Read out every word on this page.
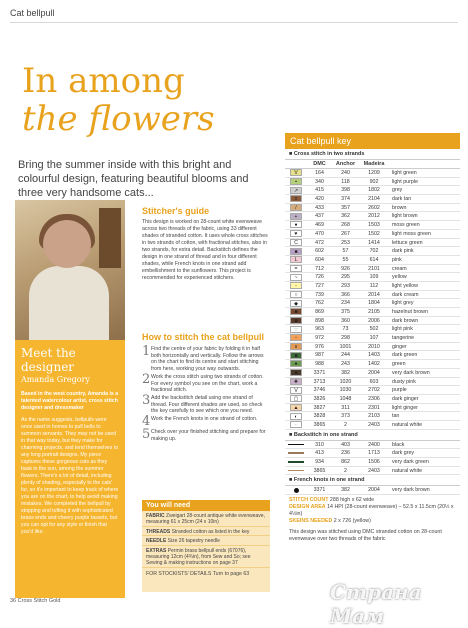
Cat bellpull
In among
the flowers
Bring the summer inside with this bright and colourful design, featuring beautiful blooms and three very handsome cats...
Meet the designer
Amanda Gregory
Based in the west country, Amanda is a talented watercolour artist, cross stitch designer and dressmaker
As the name suggests, bellpulls were once used in homes to pull bells to summon servants. They may not be used in that way today, but they make for charming projects, and lend themselves to any long portrait designs. My piece captures these gorgeous cats as they bask in the sun, among the summer flowers. There's a lot of detail, including plenty of shading, especially to the cats' fur, so it's important to keep track of where you are on the chart, to help avoid making mistakes. We completed the bellpull by stopping and tufting it with sophisticated brass ends and cheery purple tassels, but you can opt for any style or finish that you'd like.
Stitcher's guide
This design is worked on 28-count white evenweave across two threads of the fabric, using 33 different shades of stranded cotton. It uses whole cross stitches in two strands of cotton, with fractional stitches, also in two strands, for extra detail. Backstitch defines the design in one strand of thread and in four different shades, while French knots in one strand add embellishment to the sunflowers. This project is recommended for experienced stitchers.
How to stitch the cat bellpull
1 Find the centre of your fabric by folding it in half both horizontally and vertically. Follow the arrows on the chart to find its centre and start stitching from here, working your way outwards.
2 Work the cross stitch using two strands of cotton. For every symbol you see on the chart, work a fractional stitch.
3 Add the backstitch detail using one strand of thread. Four different shades are used, so check the key carefully to see which one you need.
4 Work the French knots in one strand of cotton.
5 Check over your finished stitching and prepare for making up.
You will need
FABRIC Zweigart 28-count antique white evenweave, measuring 61 x 25cm (24 x 10in)
THREADS Stranded cotton as listed in the key
NEEDLE Size 26 tapestry needle
EXTRAS Permin brass bellpull ends (67076), measuring 12cm (4¾in), from Sew and So; see Sewing & making instructions on page 37
FOR STOCKISTS' DETAILS Turn to page 63
Cat bellpull key
■ Cross stitch in two strands
DMC	Anchor	Madeira
V	164	240	1209	light green
▪	340	118	902	light purple
↗	415	398	1802	grey
x	420	374	2104	dark tan
/	433	357	2602	brown
+	437	362	2012	light brown
●	469	268	1503	moss green
♥	470	267	1502	light moss green
C	472	253	1414	lettuce green
■	602	57	702	dark pink
L	604	55	614	pink
=	712	926	2101	cream
~	726	295	109	yellow
-	727	293	112	light yellow
○	739	366	2014	dark cream
◆	762	234	1804	light grey
■	869	375	2105	hazelnut brown
■	898	360	2006	dark brown
∵	963	73	502	light pink
▫	972	298	107	tangerine
∧	976	1001	2010	ginger
■	987	244	1403	dark green
●	988	243	1402	green
■	3371	382	2004	very dark brown
✚	3713	1020	603	dusty pink
V	3746	1030	2702	purple
▢	3826	1048	2306	dark ginger
▲	3827	311	2301	light ginger
◐	3828	373	2103	tan
·	3865	2	2403	natural white
■ Backstitch in one strand
310	403	2400	black
413	236	1713	dark grey
934	862	1506	very dark green
3865	2	2403	natural white
■ French knots in one strand
3371	382	2004	very dark brown
STITCH COUNT 288 high x 62 wide
DESIGN AREA 14 HPI (28-count evenweave) – 52.5 x 11.5cm (20½ x 4½in)
SKEINS NEEDED 2 x 726 (yellow)
This design was stitched using DMC stranded cotton on 28-count evenweave over two threads of the fabric
36 Cross Stitch Gold	Страна Мам
